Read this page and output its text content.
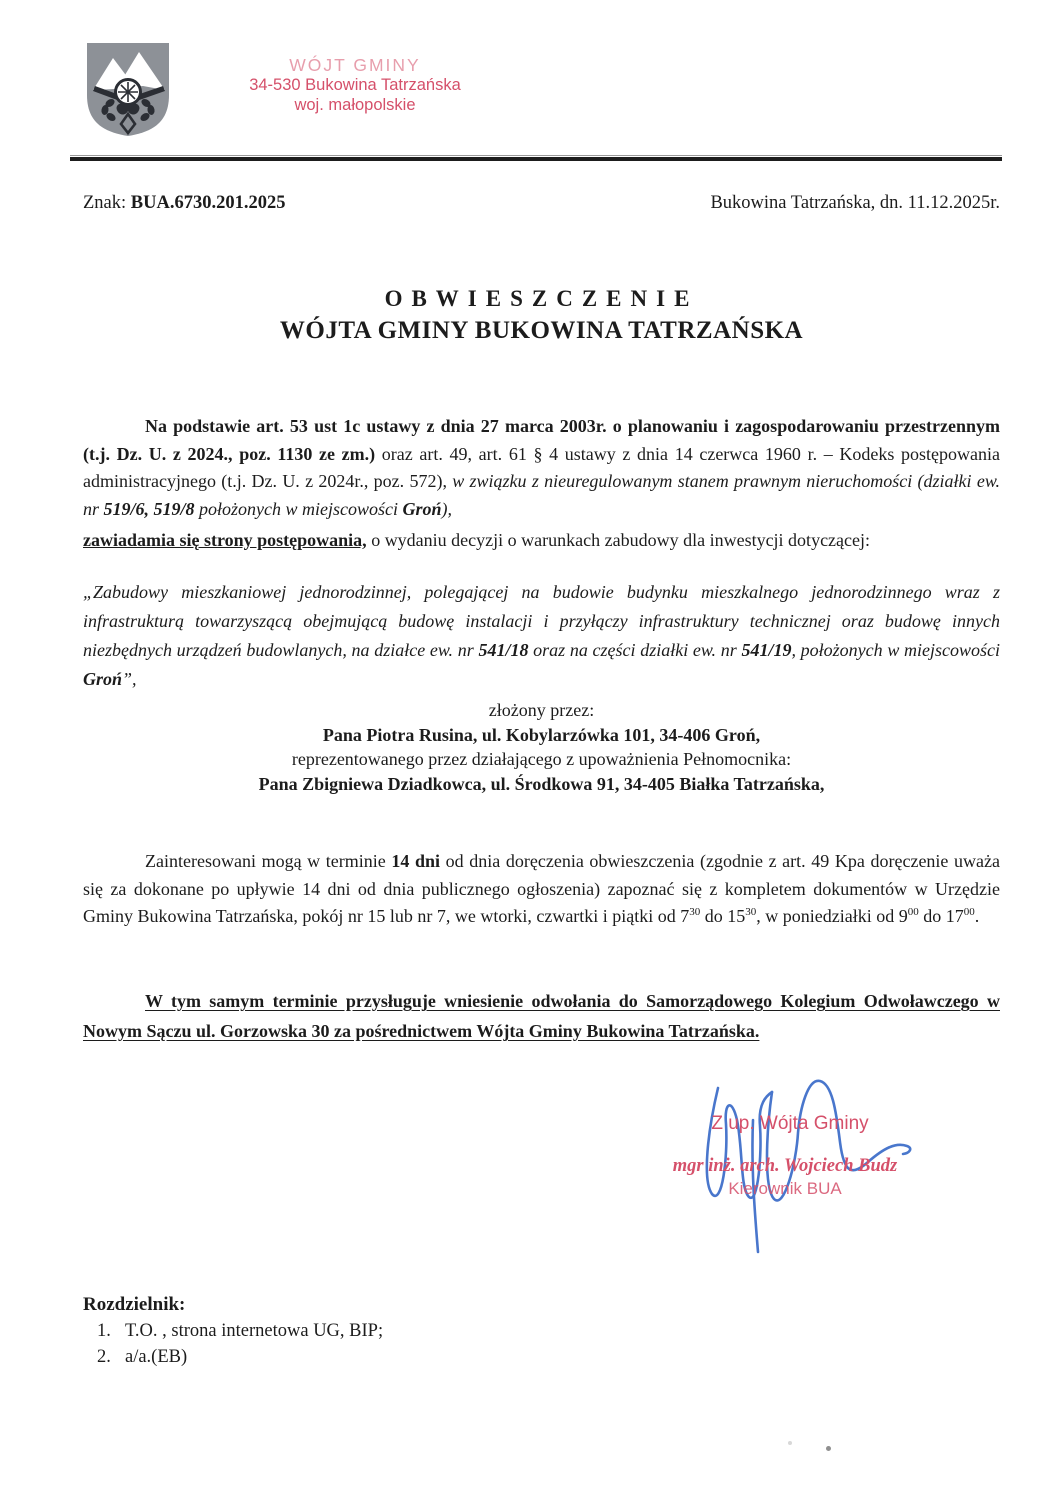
WÓJT GMINY
34-530 Bukowina Tatrzańska
woj. małopolskie
Znak: BUA.6730.201.2025	Bukowina Tatrzańska, dn. 11.12.2025r.
OBWIESZCZENIE
WÓJTA GMINY BUKOWINA TATRZAŃSKA

Na podstawie art. 53 ust 1c ustawy z dnia 27 marca 2003r. o planowaniu i zagospodarowaniu przestrzennym (t.j. Dz. U. z 2024., poz. 1130 ze zm.) oraz art. 49, art. 61 § 4 ustawy z dnia 14 czerwca 1960 r. – Kodeks postępowania administracyjnego (t.j. Dz. U. z 2024r., poz. 572), w związku z nieuregulowanym stanem prawnym nieruchomości (działki ew. nr 519/6, 519/8 położonych w miejscowości Groń),

zawiadamia się strony postępowania, o wydaniu decyzji o warunkach zabudowy dla inwestycji dotyczącej:

„Zabudowy mieszkaniowej jednorodzinnej, polegającej na budowie budynku mieszkalnego jednorodzinnego wraz z infrastrukturą towarzyszącą obejmującą budowę instalacji i przyłączy infrastruktury technicznej oraz budowę innych niezbędnych urządzeń budowlanych, na działce ew. nr 541/18 oraz na części działki ew. nr 541/19, położonych w miejscowości Groń”,

złożony przez:
Pana Piotra Rusina, ul. Kobylarzówka 101, 34-406 Groń,
reprezentowanego przez działającego z upoważnienia Pełnomocnika:
Pana Zbigniewa Dziadkowca, ul. Środkowa 91, 34-405 Białka Tatrzańska,

Zainteresowani mogą w terminie 14 dni od dnia doręczenia obwieszczenia (zgodnie z art. 49 Kpa doręczenie uważa się za dokonane po upływie 14 dni od dnia publicznego ogłoszenia) zapoznać się z kompletem dokumentów w Urzędzie Gminy Bukowina Tatrzańska, pokój nr 15 lub nr 7, we wtorki, czwartki i piątki od $7^{30}$ do $15^{30}$, w poniedziałki od $9^{00}$ do $17^{00}$.

W tym samym terminie przysługuje wniesienie odwołania do Samorządowego Kolegium Odwoławczego w Nowym Sączu ul. Gorzowska 30 za pośrednictwem Wójta Gminy Bukowina Tatrzańska.

Z up. Wójta Gminy
mgr inż. arch. Wojciech Budz
Kierownik BUA
Rozdzielnik:
1. T.O. , strona internetowa UG, BIP;
2. a/a.(EB)
